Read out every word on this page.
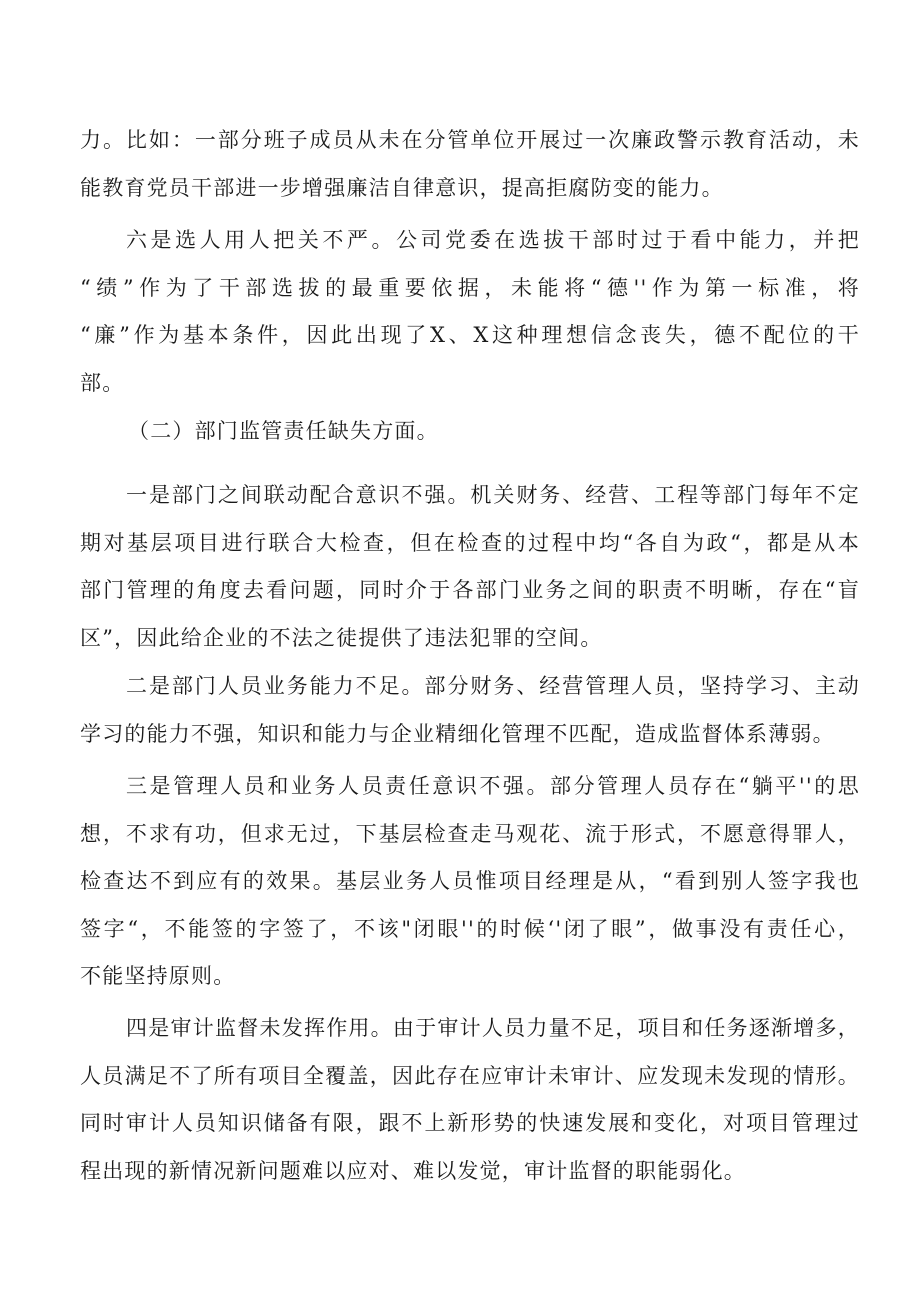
力。比如：一部分班子成员从未在分管单位开展过一次廉政警示教育活动，未
能教育党员干部进一步增强廉洁自律意识，提高拒腐防变的能力。
六是选人用人把关不严。公司党委在选拔干部时过于看中能力，并把
“绩”作为了干部选拔的最重要依据，未能将“德''作为第一标准，将
“廉”作为基本条件，因此出现了X、X这种理想信念丧失，德不配位的干
部。
（二）部门监管责任缺失方面。
一是部门之间联动配合意识不强。机关财务、经营、工程等部门每年不定
期对基层项目进行联合大检查，但在检查的过程中均“各自为政“，都是从本
部门管理的角度去看问题，同时介于各部门业务之间的职责不明晰，存在“盲
区”，因此给企业的不法之徒提供了违法犯罪的空间。
二是部门人员业务能力不足。部分财务、经营管理人员，坚持学习、主动
学习的能力不强，知识和能力与企业精细化管理不匹配，造成监督体系薄弱。
三是管理人员和业务人员责任意识不强。部分管理人员存在“躺平''的思
想，不求有功，但求无过，下基层检查走马观花、流于形式，不愿意得罪人，
检查达不到应有的效果。基层业务人员惟项目经理是从，“看到别人签字我也
签字“，不能签的字签了，不该"闭眼''的时候‘'闭了眼”，做事没有责任心，
不能坚持原则。
四是审计监督未发挥作用。由于审计人员力量不足，项目和任务逐渐增多，
人员满足不了所有项目全覆盖，因此存在应审计未审计、应发现未发现的情形。
同时审计人员知识储备有限，跟不上新形势的快速发展和变化，对项目管理过
程出现的新情况新问题难以应对、难以发觉，审计监督的职能弱化。
